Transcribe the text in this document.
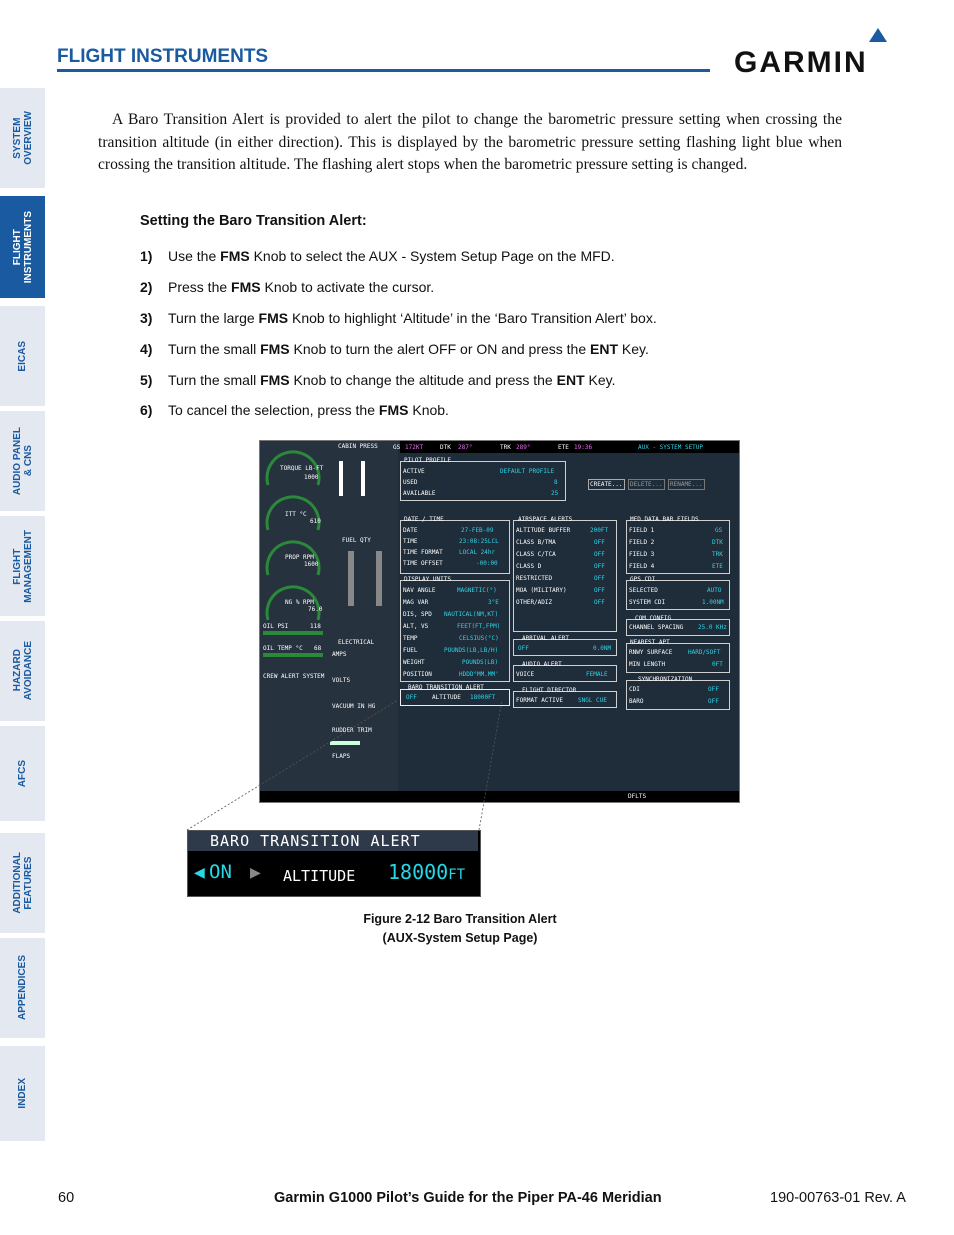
SYSTEM
OVERVIEW
FLIGHT
INSTRUMENTS
EICAS
AUDIO PANEL
& CNS
FLIGHT
MANAGEMENT
HAZARD
AVOIDANCE
AFCS
ADDITIONAL
FEATURES
APPENDICES
INDEX
FLIGHT INSTRUMENTS	GARMIN

A Baro Transition Alert is provided to alert the pilot to change the barometric pressure setting when crossing the transition altitude (in either direction). This is displayed by the barometric pressure setting flashing light blue when crossing the transition altitude. The flashing alert stops when the barometric pressure setting is changed.

Setting the Baro Transition Alert:
1) Use the FMS Knob to select the AUX - System Setup Page on the MFD.
2) Press the FMS Knob to activate the cursor.
3) Turn the large FMS Knob to highlight ‘Altitude’ in the ‘Baro Transition Alert’ box.
4) Turn the small FMS Knob to turn the alert OFF or ON and press the ENT Key.
5) Turn the small FMS Knob to change the altitude and press the ENT Key.
6) To cancel the selection, press the FMS Knob.
GS 172KT	DTK 287°	TRK 289°	ETE 19:36	AUX - SYSTEM SETUP
TORQUE LB-FT
1000
ITT °C
610
PROP RPM
1600
NG % RPM
76.0
OIL PSI	118
OIL TEMP °C 68
CREW ALERT SYSTEM
CABIN PRESS
FUEL QTY
ELECTRICAL
AMPS
VOLTS
VACUUM IN HG
RUDDER TRIM
FLAPS
PILOT PROFILE
ACTIVE	DEFAULT PROFILE
USED	8
AVAILABLE	25
CREATE...	DELETE...	RENAME...
DATE / TIME
DATE	27-FEB-09
TIME	23:08:25LCL
TIME FORMAT	LOCAL 24hr
TIME OFFSET	-00:00
AIRSPACE ALERTS
ALTITUDE BUFFER	200FT
CLASS B/TMA	OFF
CLASS C/TCA	OFF
CLASS D	OFF
RESTRICTED	OFF
MOA (MILITARY)	OFF
OTHER/ADIZ	OFF
MFD DATA BAR FIELDS
FIELD 1	GS
FIELD 2	DTK
FIELD 3	TRK
FIELD 4	ETE
DISPLAY UNITS
NAV ANGLE	MAGNETIC(°)
MAG VAR	3°E
DIS, SPD NAUTICAL(NM,KT)
ALT, VS	FEET(FT,FPM)
TEMP	CELSIUS(°C)
FUEL	POUNDS(LB,LB/H)
WEIGHT	POUNDS(LB)
POSITION	HDDD°MM.MM'
GPS CDI
SELECTED	AUTO
SYSTEM CDI	1.00NM
COM CONFIG
CHANNEL SPACING 25.0 KHz
ARRIVAL ALERT
OFF	0.0NM
AUDIO ALERT
VOICE	FEMALE
NEAREST APT
RNWY SURFACE	HARD/SOFT
MIN LENGTH	0FT
BARO TRANSITION ALERT
OFF	ALTITUDE 18000FT
FLIGHT DIRECTOR
FORMAT ACTIVE	SNGL CUE
SYNCHRONIZATION
CDI	OFF
BARO	OFF
DFLTS
BARO TRANSITION ALERT
◀ ON ▶ ALTITUDE 18000FT
Figure 2-12 Baro Transition Alert
(AUX-System Setup Page)
60	Garmin G1000 Pilot’s Guide for the Piper PA-46 Meridian	190-00763-01 Rev. A
